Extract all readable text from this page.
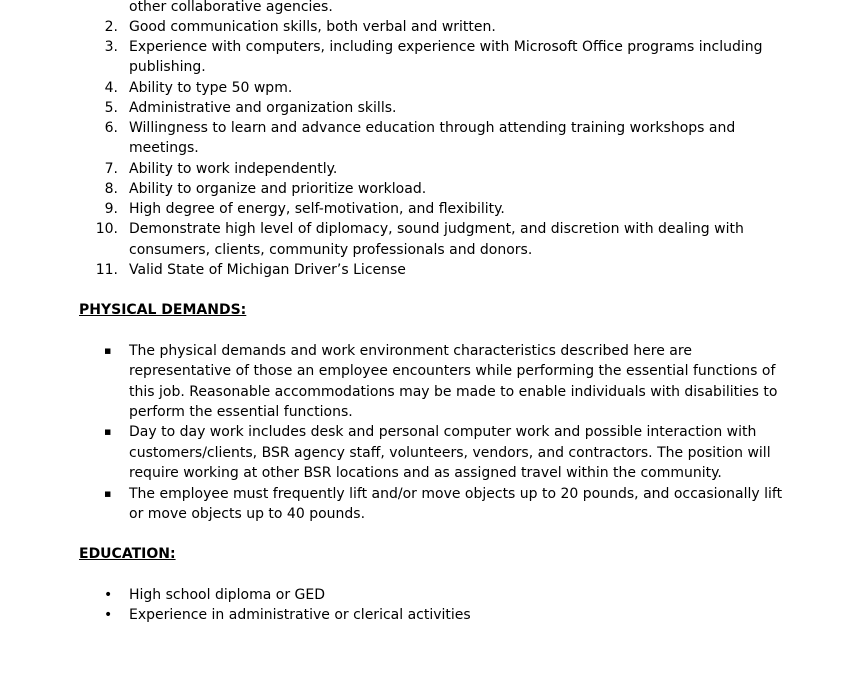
other collaborative agencies.
2. Good communication skills, both verbal and written.
3. Experience with computers, including experience with Microsoft Office programs including
publishing.
4. Ability to type 50 wpm.
5. Administrative and organization skills.
6. Willingness to learn and advance education through attending training workshops and
meetings.
7. Ability to work independently.
8. Ability to organize and prioritize workload.
9. High degree of energy, self-motivation, and flexibility.
10. Demonstrate high level of diplomacy, sound judgment, and discretion with dealing with
consumers, clients, community professionals and donors.
11. Valid State of Michigan Driver’s License
PHYSICAL DEMANDS:
▪ The physical demands and work environment characteristics described here are
representative of those an employee encounters while performing the essential functions of
this job. Reasonable accommodations may be made to enable individuals with disabilities to
perform the essential functions.
▪ Day to day work includes desk and personal computer work and possible interaction with
customers/clients, BSR agency staff, volunteers, vendors, and contractors. The position will
require working at other BSR locations and as assigned travel within the community.
▪ The employee must frequently lift and/or move objects up to 20 pounds, and occasionally lift
or move objects up to 40 pounds.
EDUCATION:
• High school diploma or GED
• Experience in administrative or clerical activities
